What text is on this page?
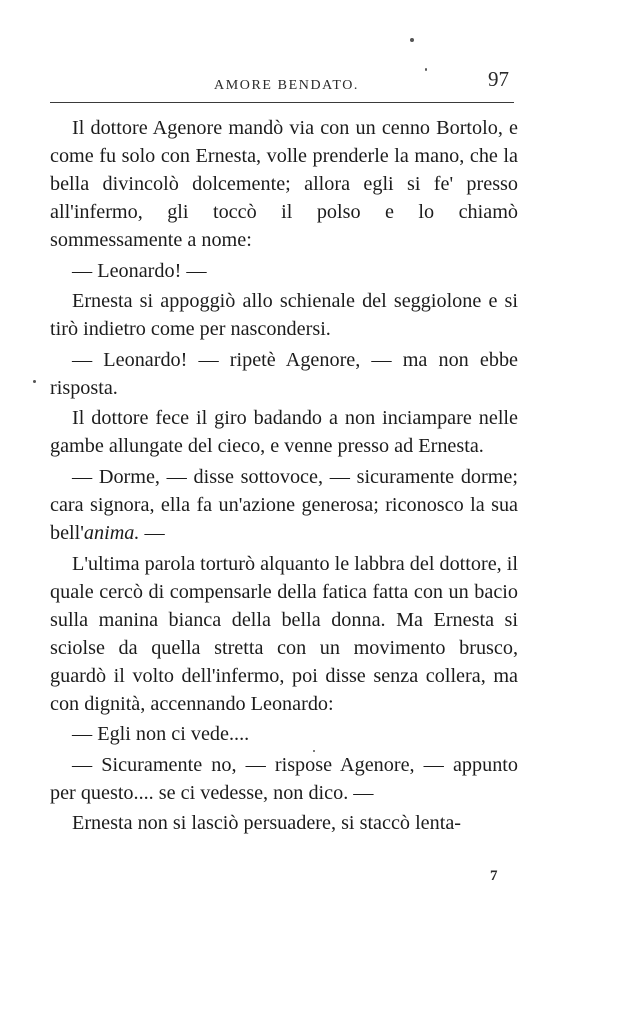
AMORE BENDATO.	97

Il dottore Agenore mandò via con un cenno Bortolo, e come fu solo con Ernesta, volle prenderle la mano, che la bella divincolò dolcemente; allora egli si fe' presso all'infermo, gli toccò il polso e lo chiamò sommessamente a nome:

— Leonardo! —

Ernesta si appoggiò allo schienale del seggiolone e si tirò indietro come per nascondersi.

— Leonardo! — ripetè Agenore, — ma non ebbe risposta.

Il dottore fece il giro badando a non inciampare nelle gambe allungate del cieco, e venne presso ad Ernesta.

— Dorme, — disse sottovoce, — sicuramente dorme; cara signora, ella fa un'azione generosa; riconosco la sua bell'anima. —

L'ultima parola torturò alquanto le labbra del dottore, il quale cercò di compensarle della fatica fatta con un bacio sulla manina bianca della bella donna. Ma Ernesta si sciolse da quella stretta con un movimento brusco, guardò il volto dell'infermo, poi disse senza collera, ma con dignità, accennando Leonardo:

— Egli non ci vede....

— Sicuramente no, — rispose Agenore, — appunto per questo.... se ci vedesse, non dico. —

Ernesta non si lasciò persuadere, si staccò lenta-

7
